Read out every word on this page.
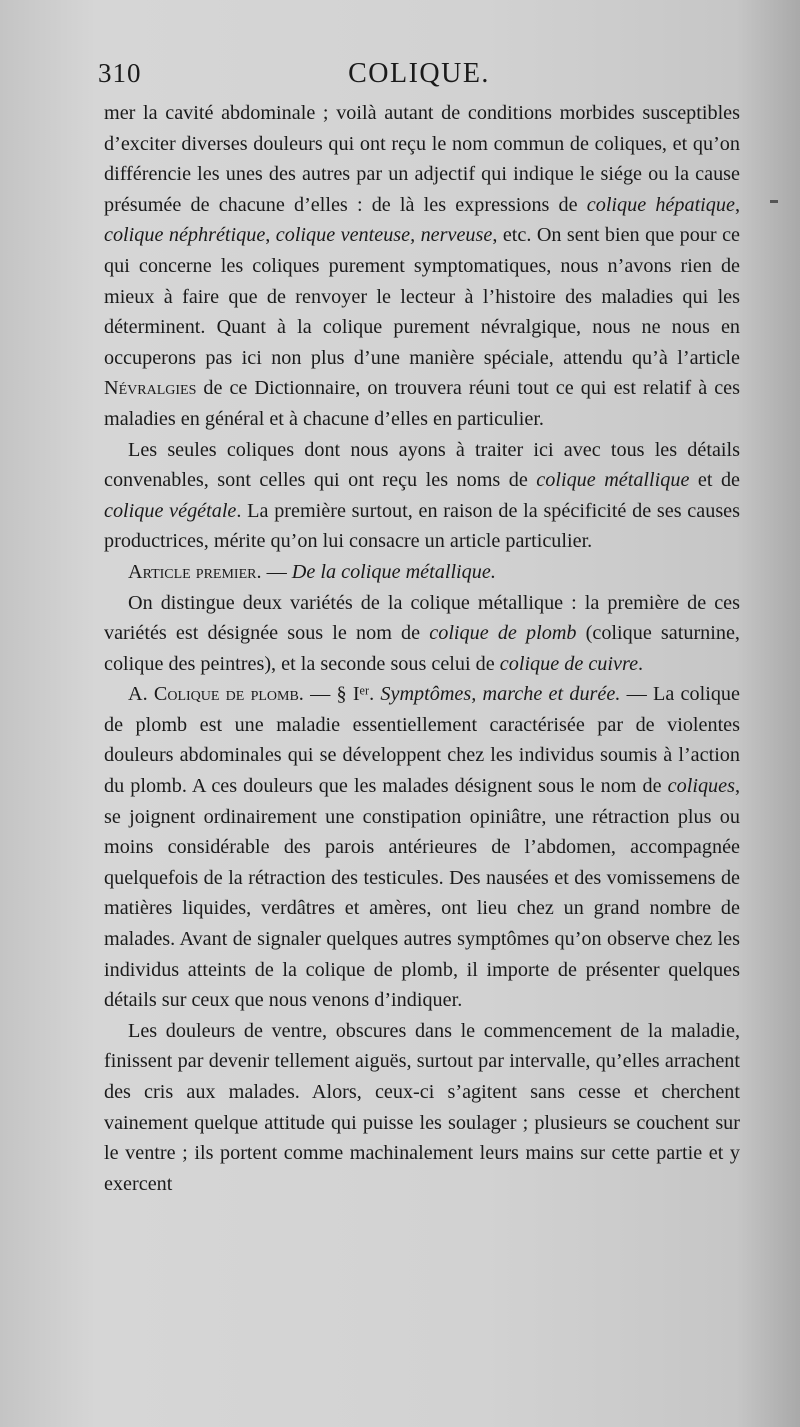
310	COLIQUE.

mer la cavité abdominale ; voilà autant de conditions morbides susceptibles d’exciter diverses douleurs qui ont reçu le nom commun de coliques, et qu’on différencie les unes des autres par un adjectif qui indique le siége ou la cause présumée de chacune d’elles : de là les expressions de colique hépatique, colique néphrétique, colique venteuse, nerveuse, etc. On sent bien que pour ce qui concerne les coliques purement symptomatiques, nous n’avons rien de mieux à faire que de renvoyer le lecteur à l’histoire des maladies qui les déterminent. Quant à la colique purement névralgique, nous ne nous en occuperons pas ici non plus d’une manière spéciale, attendu qu’à l’article Névralgies de ce Dictionnaire, on trouvera réuni tout ce qui est relatif à ces maladies en général et à chacune d’elles en particulier.

Les seules coliques dont nous ayons à traiter ici avec tous les détails convenables, sont celles qui ont reçu les noms de colique métallique et de colique végétale. La première surtout, en raison de la spécificité de ses causes productrices, mérite qu’on lui consacre un article particulier.

Article premier. — De la colique métallique.

On distingue deux variétés de la colique métallique : la première de ces variétés est désignée sous le nom de colique de plomb (colique saturnine, colique des peintres), et la seconde sous celui de colique de cuivre.

A. Colique de plomb. — § Iᵉʳ. Symptômes, marche et durée. — La colique de plomb est une maladie essentiellement caractérisée par de violentes douleurs abdominales qui se développent chez les individus soumis à l’action du plomb. A ces douleurs que les malades désignent sous le nom de coliques, se joignent ordinairement une constipation opiniâtre, une rétraction plus ou moins considérable des parois antérieures de l’abdomen, accompagnée quelquefois de la rétraction des testicules. Des nausées et des vomissemens de matières liquides, verdâtres et amères, ont lieu chez un grand nombre de malades. Avant de signaler quelques autres symptômes qu’on observe chez les individus atteints de la colique de plomb, il importe de présenter quelques détails sur ceux que nous venons d’indiquer.

Les douleurs de ventre, obscures dans le commencement de la maladie, finissent par devenir tellement aiguës, surtout par intervalle, qu’elles arrachent des cris aux malades. Alors, ceux-ci s’agitent sans cesse et cherchent vainement quelque attitude qui puisse les soulager ; plusieurs se couchent sur le ventre ; ils portent comme machinalement leurs mains sur cette partie et y exercent
